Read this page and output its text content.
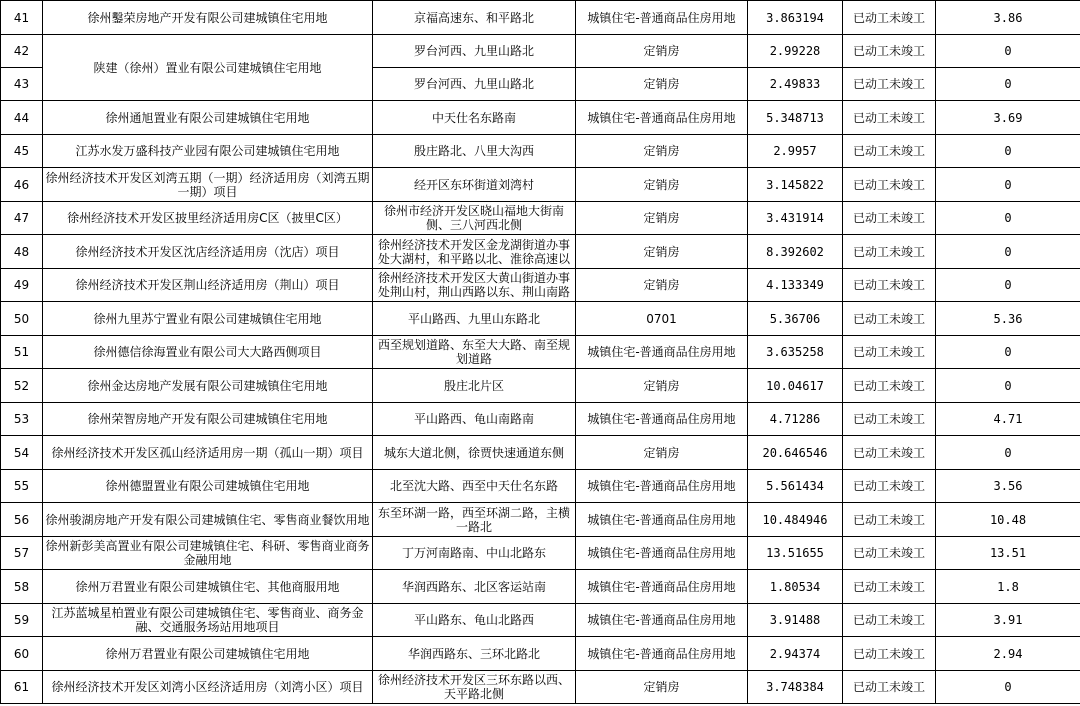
41	徐州鑿荣房地产开发有限公司建城镇住宅用地	京福高速东、和平路北	城镇住宅-普通商品住房用地	3.863194	已动工未竣工	3.86
42	陕建（徐州）置业有限公司建城镇住宅用地	罗台河西、九里山路北	定销房	2.99228	已动工未竣工	0
43		罗台河西、九里山路北	定销房	2.49833	已动工未竣工	0
44	徐州通旭置业有限公司建城镇住宅用地	中天仕名东路南	城镇住宅-普通商品住房用地	5.348713	已动工未竣工	3.69
45	江苏水发万盛科技产业园有限公司建城镇住宅用地	殷庄路北、八里大沟西	定销房	2.9957	已动工未竣工	0
46	徐州经济技术开发区刘湾五期（一期）经济适用房（刘湾五期一期）项目	经开区东环街道刘湾村	定销房	3.145822	已动工未竣工	0
47	徐州经济技术开发区披里经济适用房C区（披里C区）	徐州市经济开发区晓山福地大街南侧、三八河西北侧	定销房	3.431914	已动工未竣工	0
48	徐州经济技术开发区沈店经济适用房（沈店）项目	徐州经济技术开发区金龙湖街道办事处大湖村，和平路以北、淮徐高速以	定销房	8.392602	已动工未竣工	0
49	徐州经济技术开发区荆山经济适用房（荆山）项目	徐州经济技术开发区大黄山街道办事处荆山村，荆山西路以东、荆山南路	定销房	4.133349	已动工未竣工	0
50	徐州九里苏宁置业有限公司建城镇住宅用地	平山路西、九里山东路北	0701	5.36706	已动工未竣工	5.36
51	徐州德信徐海置业有限公司大大路西侧项目	西至规划道路、东至大大路、南至规划道路	城镇住宅-普通商品住房用地	3.635258	已动工未竣工	0
52	徐州金达房地产发展有限公司建城镇住宅用地	殷庄北片区	定销房	10.04617	已动工未竣工	0
53	徐州荣智房地产开发有限公司建城镇住宅用地	平山路西、龟山南路南	城镇住宅-普通商品住房用地	4.71286	已动工未竣工	4.71
54	徐州经济技术开发区孤山经济适用房一期（孤山一期）项目	城东大道北侧，徐贾快速通道东侧	定销房	20.646546	已动工未竣工	0
55	徐州德盟置业有限公司建城镇住宅用地	北至沈大路、西至中天仕名东路	城镇住宅-普通商品住房用地	5.561434	已动工未竣工	3.56
56	徐州骏湖房地产开发有限公司建城镇住宅、零售商业餐饮用地	东至环湖一路，西至环湖二路，主横一路北	城镇住宅-普通商品住房用地	10.484946	已动工未竣工	10.48
57	徐州新彭美高置业有限公司建城镇住宅、科研、零售商业商务金融用地	丁万河南路南、中山北路东	城镇住宅-普通商品住房用地	13.51655	已动工未竣工	13.51
58	徐州万君置业有限公司建城镇住宅、其他商服用地	华润西路东、北区客运站南	城镇住宅-普通商品住房用地	1.80534	已动工未竣工	1.8
59	江苏蓝城星柏置业有限公司建城镇住宅、零售商业、商务金融、交通服务场站用地项目	平山路东、龟山北路西	城镇住宅-普通商品住房用地	3.91488	已动工未竣工	3.91
60	徐州万君置业有限公司建城镇住宅用地	华润西路东、三环北路北	城镇住宅-普通商品住房用地	2.94374	已动工未竣工	2.94
61	徐州经济技术开发区刘湾小区经济适用房（刘湾小区）项目	徐州经济技术开发区三环东路以西、天平路北侧	定销房	3.748384	已动工未竣工	0
